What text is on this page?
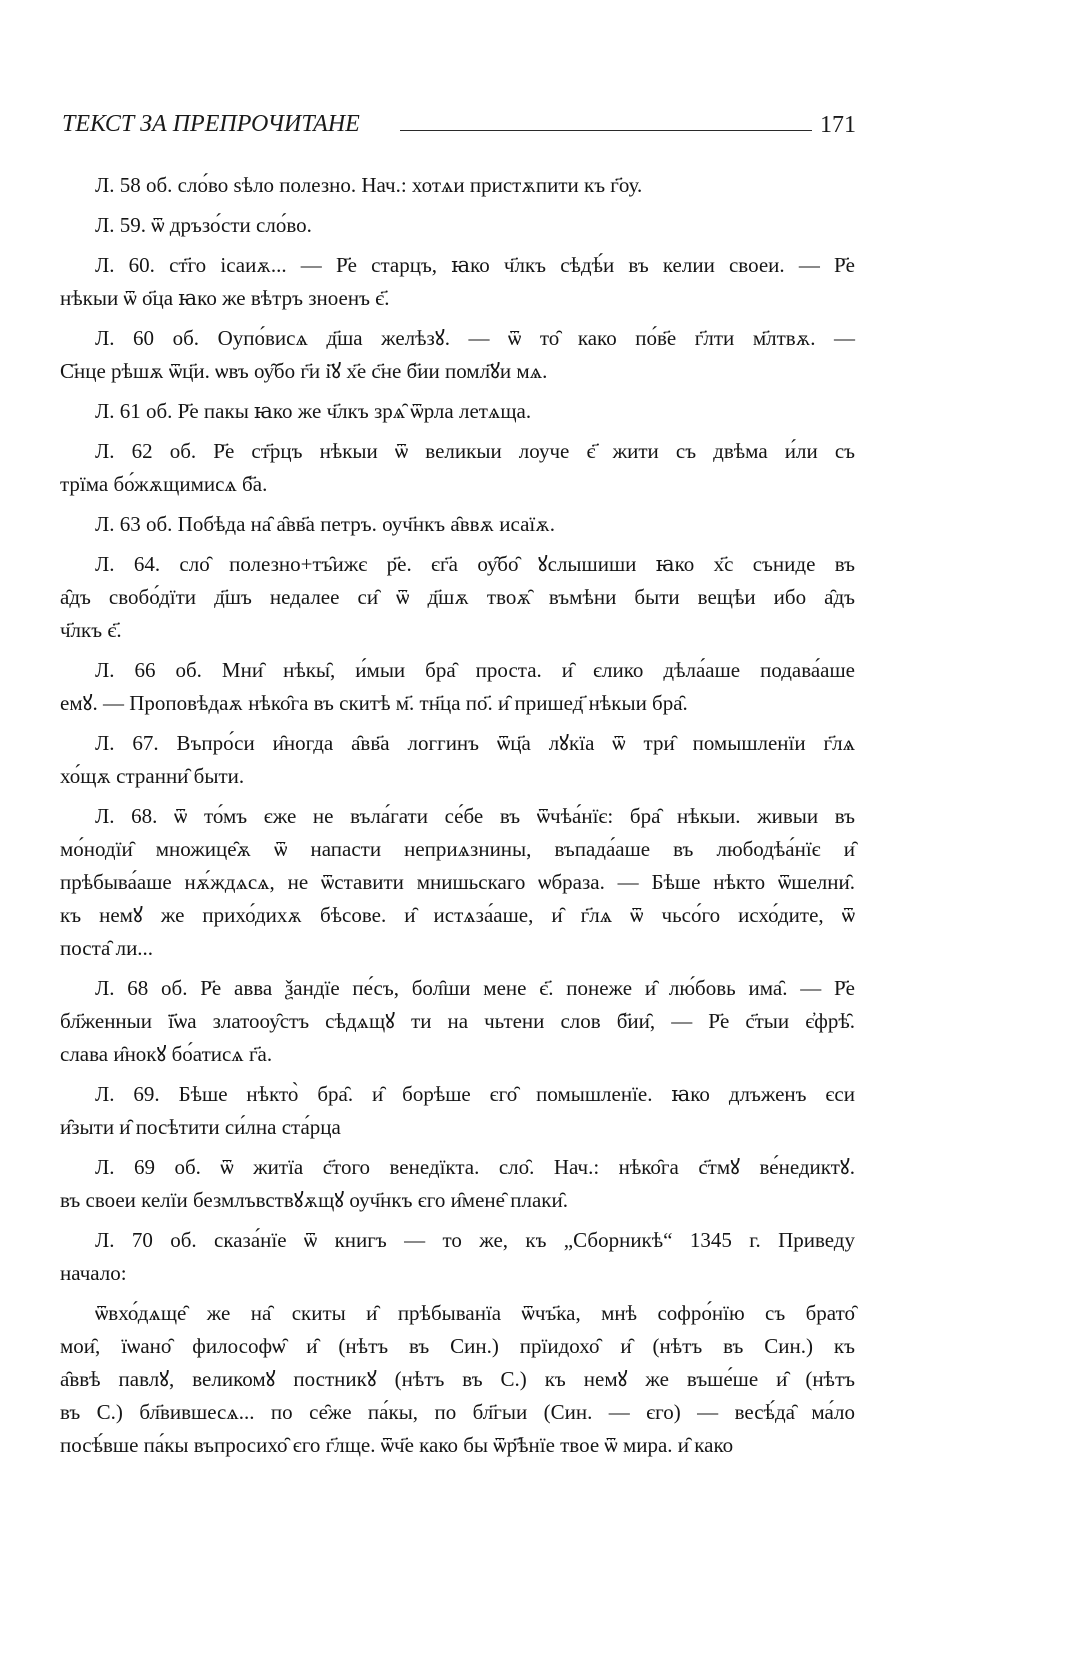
ТЕКСТ ЗА ПРЕПРОЧИТАНЕ	171
Л. 58 об. сло́во ѕѣло полезно. Нач.: хотѧи пристѫпити къ г҃оу.
Л. 59. ѿ дръзо́сти сло́во.
Л. 60. ст҃го ісаиѫ... — Р҃е старцъ, ꙗко ч҃лкъ сѣдѣ́и въ келии своеи. — Р҃е
нѣкыи ѿ о҃ца ꙗко же вѣтръ зноенъ є҃.
Л. 60 об. Оупо́висѧ д҃ша желѣзꙋ. — ѿ то̑ како по́в҃е г҃лти м҃лтвѫ. —
С҃нце рѣшѫ ѿц҃и. ѡвъ оу̑бо г҃и і҃ꙋ х҃е с҃не б҃ии помл҃ꙋи мѧ.
Л. 61 об. Р҃е пакы ꙗко же ч҃лкъ зрѧ̑ ѿрла летѧща.
Л. 62 об. Р҃е ст҃рцъ нѣкыи ѿ великыи лоуче є҃ жити съ двѣма и́ли съ
трїма бо́жѫщимисѧ б҃а.
Л. 63 об. Побѣда на̑ а̑вв҃а петръ. оуч҃нкъ а̑ввѫ исаїѫ.
Л. 64. сло̑ полезно+тъ̑ижє р҃е. єг҃а оу̑бо̑ ꙋслышиши ꙗко х҃с съниде въ
а̑дъ свобо́дїти д҃шъ недалее си̑ ѿ д҃шѫ твоѫ̑ въмѣни быти вещѣи ибо а̑дъ
ч҃лкъ є҃.
Л. 66 об. Мни̑ нѣкы̑, и́мыи бра̑ проста. и̑ єлико дѣла́аше подава́аше
емꙋ. — Проповѣдаѫ нѣко̑га въ скитѣ м҃. тн҃ца по҃. и̑ пришед҃ нѣкыи бра̑.
Л. 67. Въпро́си и̑ногда а̑вв҃а логгинъ ѿц҃а лꙋкїа ѿ три̑ помышленїи г҃лѧ
хо́щѫ странни̑ быти.
Л. 68. ѿ то́мъ єже не въла́гати се́бе въ ѿчѣа́нїє: бра̑ нѣкыи. живыи въ
мо́нодїи̑ множице̑ѫ ѿ напасти неприѧзнины, въпада́аше въ любодѣа́нїє и̑
прѣбыва́аше нѫ́ждѧсѧ, не ѿставити мнишьскаго ѡбраза. — Бѣше нѣкто ѿшелни̑.
къ немꙋ же прихо́дихѫ бѣсове. и̑ истѧза́аше, и̑ г҃лѧ ѿ чьсо́го исхо́дите, ѿ
поста̑ ли...
Л. 68 об. Р҃е авва ѯандїе пе́съ, бол̑ши мене є҃. понеже и̑ лю́бовь има̑. — Р҃е
бл҃женныи ї҃ѡа златооу̑стъ сѣдѧщꙋ ти на чьтени слов б҃ии̑, — Р҃е с҃тыи є҆фрѣ̑.
слава и̑нокꙋ бо́атисѧ г҃а.
Л. 69. Бѣше нѣкто̀ бра̑. и̑ борѣше єго̑ помышленїе. ꙗко длъженъ єси
и̑зыти и̑ посѣтити си́лна ста́рца
Л. 69 об. ѿ житїа с҃того венедїкта. сло̑. Нач.: нѣко̑га с҃тмꙋ ве́недиктꙋ.
въ своеи келїи безмлъвствꙋѫщꙋ оуч҃нкъ єго и̑мене̑ плаки̑.
Л. 70 об. сказа́нїе ѿ книгъ — то же, къ „Сборникѣ“ 1345 г. Приведу
начало:
ѿвхо́дѧще̑ же на̑ скиты и̑ прѣбыванїа ѿчъ҃ка, мнѣ софро́нїю съ брато̑
мои̑, їѡано̑ философѡ̑ и̑ (нѣтъ въ Син.) прїидохо̑ и̑ (нѣтъ въ Син.) къ
а̑ввѣ павлꙋ, великомꙋ постникꙋ (нѣтъ въ С.) къ немꙋ же въше́ше и̑ (нѣтъ
въ С.) бл҃вившесѧ... по се̑же па́кы, по бл҃гыи (Син. — єго) — весѣ́да̑ ма́ло
посѣ́вше па́кы въпросихо̑ єго г҃лще. ѿч҃е како бы ѿр҃ѣнїе твое ѿ мира. и̑ како
